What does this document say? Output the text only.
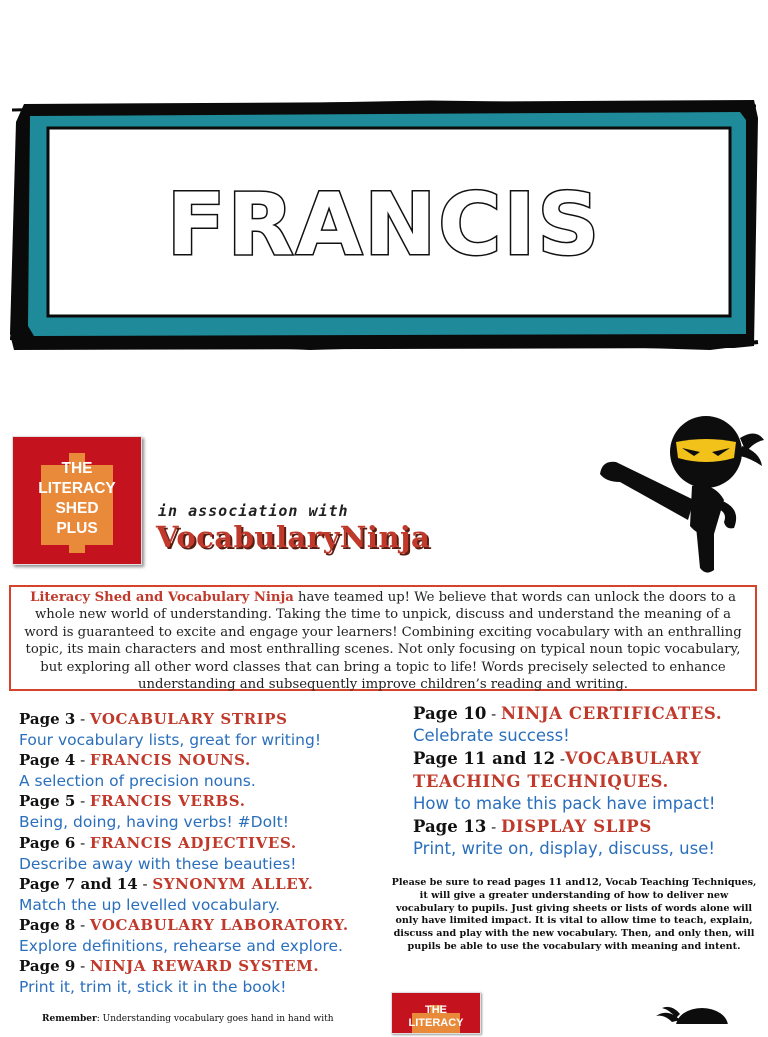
FRANCIS
THE
LITERACY
SHED
PLUS
in association with
VocabularyNinja
Literacy Shed and Vocabulary Ninja have teamed up! We believe that words can unlock the doors to a whole new world of understanding. Taking the time to unpick, discuss and understand the meaning of a word is guaranteed to excite and engage your learners! Combining exciting vocabulary with an enthralling topic, its main characters and most enthralling scenes. Not only focusing on typical noun topic vocabulary, but exploring all other word classes that can bring a topic to life! Words precisely selected to enhance understanding and subsequently improve children’s reading and writing.
Page 3 - VOCABULARY STRIPS
Four vocabulary lists, great for writing!
Page 4 - FRANCIS NOUNS.
A selection of precision nouns.
Page 5 - FRANCIS VERBS.
Being, doing, having verbs! #DoIt!
Page 6 - FRANCIS ADJECTIVES.
Describe away with these beauties!
Page 7 and 14 - SYNONYM ALLEY.
Match the up levelled vocabulary.
Page 8 - VOCABULARY LABORATORY.
Explore definitions, rehearse and explore.
Page 9 - NINJA REWARD SYSTEM.
Print it, trim it, stick it in the book!
Page 10 - NINJA CERTIFICATES.
Celebrate success!
Page 11 and 12 -VOCABULARY
TEACHING TECHNIQUES.
How to make this pack have impact!
Page 13 - DISPLAY SLIPS
Print, write on, display, discuss, use!
Please be sure to read pages 11 and12, Vocab Teaching Techniques, it will give a greater understanding of how to deliver new vocabulary to pupils. Just giving sheets or lists of words alone will only have limited impact. It is vital to allow time to teach, explain, discuss and play with the new vocabulary. Then, and only then, will pupils be able to use the vocabulary with meaning and intent.
Remember: Understanding vocabulary goes hand in hand with
THE
LITERACY
